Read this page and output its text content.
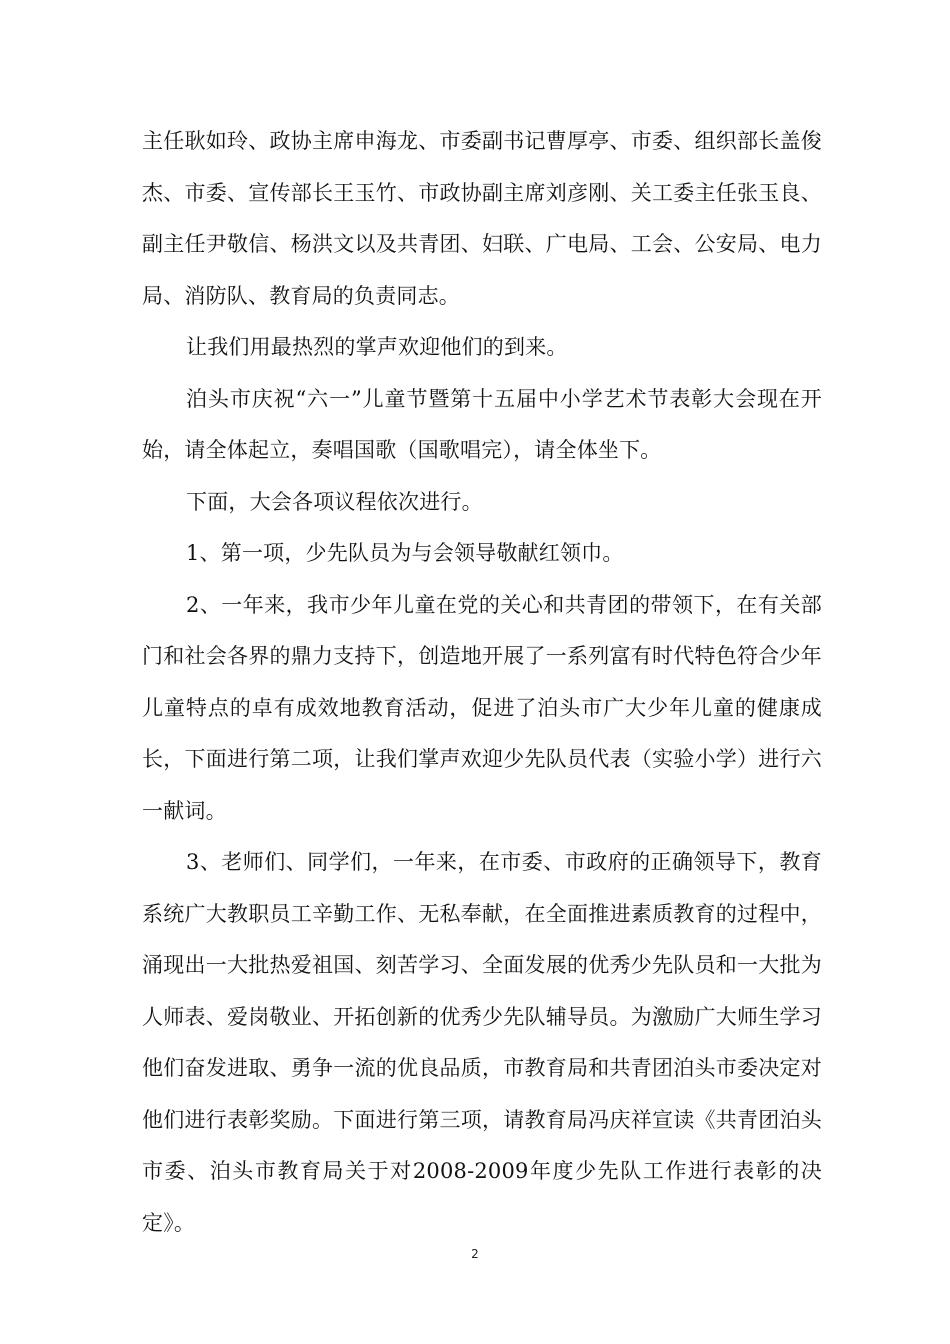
主任耿如玲、政协主席申海龙、市委副书记曹厚亭、市委、组织部长盖俊杰、市委、宣传部长王玉竹、市政协副主席刘彦刚、关工委主任张玉良、副主任尹敬信、杨洪文以及共青团、妇联、广电局、工会、公安局、电力局、消防队、教育局的负责同志。

让我们用最热烈的掌声欢迎他们的到来。

泊头市庆祝“六一”儿童节暨第十五届中小学艺术节表彰大会现在开始，请全体起立，奏唱国歌（国歌唱完），请全体坐下。

下面，大会各项议程依次进行。

1、第一项，少先队员为与会领导敬献红领巾。

2、一年来，我市少年儿童在党的关心和共青团的带领下，在有关部门和社会各界的鼎力支持下，创造地开展了一系列富有时代特色符合少年儿童特点的卓有成效地教育活动，促进了泊头市广大少年儿童的健康成长，下面进行第二项，让我们掌声欢迎少先队员代表（实验小学）进行六一献词。

3、老师们、同学们，一年来，在市委、市政府的正确领导下，教育系统广大教职员工辛勤工作、无私奉献，在全面推进素质教育的过程中，涌现出一大批热爱祖国、刻苦学习、全面发展的优秀少先队员和一大批为人师表、爱岗敬业、开拓创新的优秀少先队辅导员。为激励广大师生学习他们奋发进取、勇争一流的优良品质，市教育局和共青团泊头市委决定对他们进行表彰奖励。下面进行第三项，请教育局冯庆祥宣读《共青团泊头市委、泊头市教育局关于对2008-2009年度少先队工作进行表彰的决定》。

2
